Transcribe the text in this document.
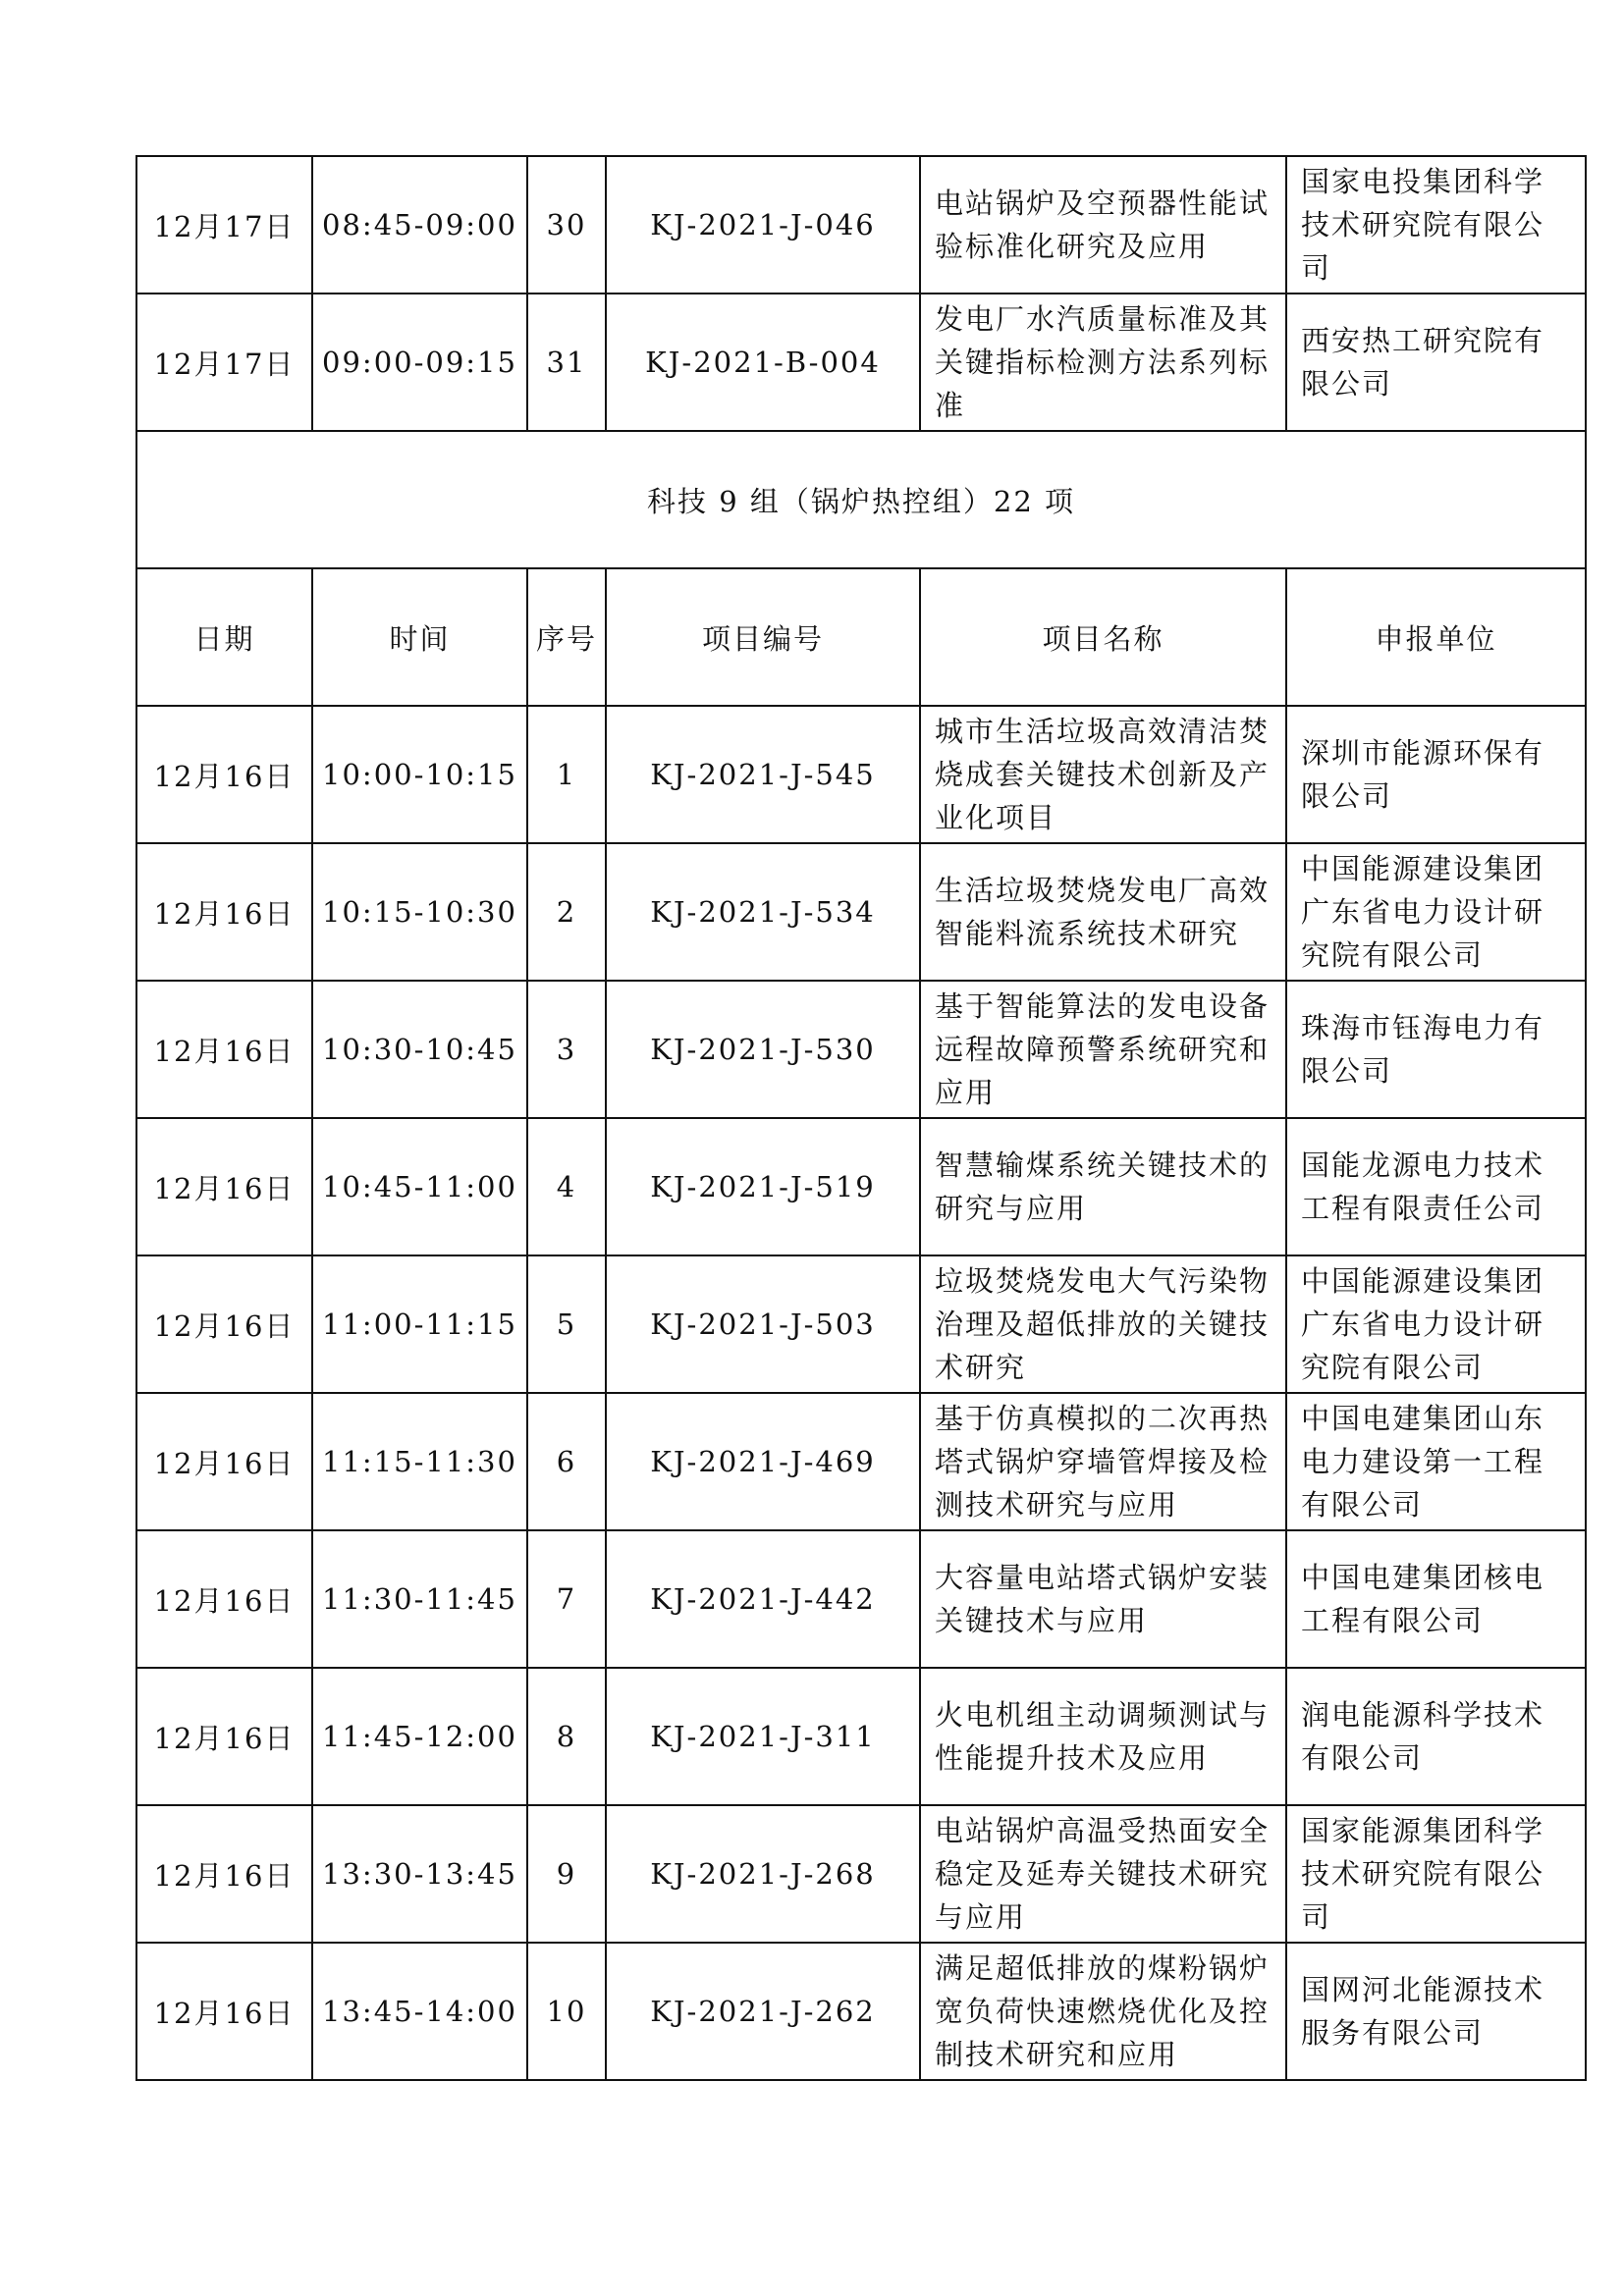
12月17日	08:45-09:00	30	KJ-2021-J-046	电站锅炉及空预器性能试验标准化研究及应用	国家电投集团科学技术研究院有限公司
12月17日	09:00-09:15	31	KJ-2021-B-004	发电厂水汽质量标准及其关键指标检测方法系列标准	西安热工研究院有限公司
科技 9 组（锅炉热控组）22 项					
日期	时间	序号	项目编号	项目名称	申报单位
12月16日	10:00-10:15	1	KJ-2021-J-545	城市生活垃圾高效清洁焚烧成套关键技术创新及产业化项目	深圳市能源环保有限公司
12月16日	10:15-10:30	2	KJ-2021-J-534	生活垃圾焚烧发电厂高效智能料流系统技术研究	中国能源建设集团广东省电力设计研究院有限公司
12月16日	10:30-10:45	3	KJ-2021-J-530	基于智能算法的发电设备远程故障预警系统研究和应用	珠海市钰海电力有限公司
12月16日	10:45-11:00	4	KJ-2021-J-519	智慧输煤系统关键技术的研究与应用	国能龙源电力技术工程有限责任公司
12月16日	11:00-11:15	5	KJ-2021-J-503	垃圾焚烧发电大气污染物治理及超低排放的关键技术研究	中国能源建设集团广东省电力设计研究院有限公司
12月16日	11:15-11:30	6	KJ-2021-J-469	基于仿真模拟的二次再热塔式锅炉穿墙管焊接及检测技术研究与应用	中国电建集团山东电力建设第一工程有限公司
12月16日	11:30-11:45	7	KJ-2021-J-442	大容量电站塔式锅炉安装关键技术与应用	中国电建集团核电工程有限公司
12月16日	11:45-12:00	8	KJ-2021-J-311	火电机组主动调频测试与性能提升技术及应用	润电能源科学技术有限公司
12月16日	13:30-13:45	9	KJ-2021-J-268	电站锅炉高温受热面安全稳定及延寿关键技术研究与应用	国家能源集团科学技术研究院有限公司
12月16日	13:45-14:00	10	KJ-2021-J-262	满足超低排放的煤粉锅炉宽负荷快速燃烧优化及控制技术研究和应用	国网河北能源技术服务有限公司
